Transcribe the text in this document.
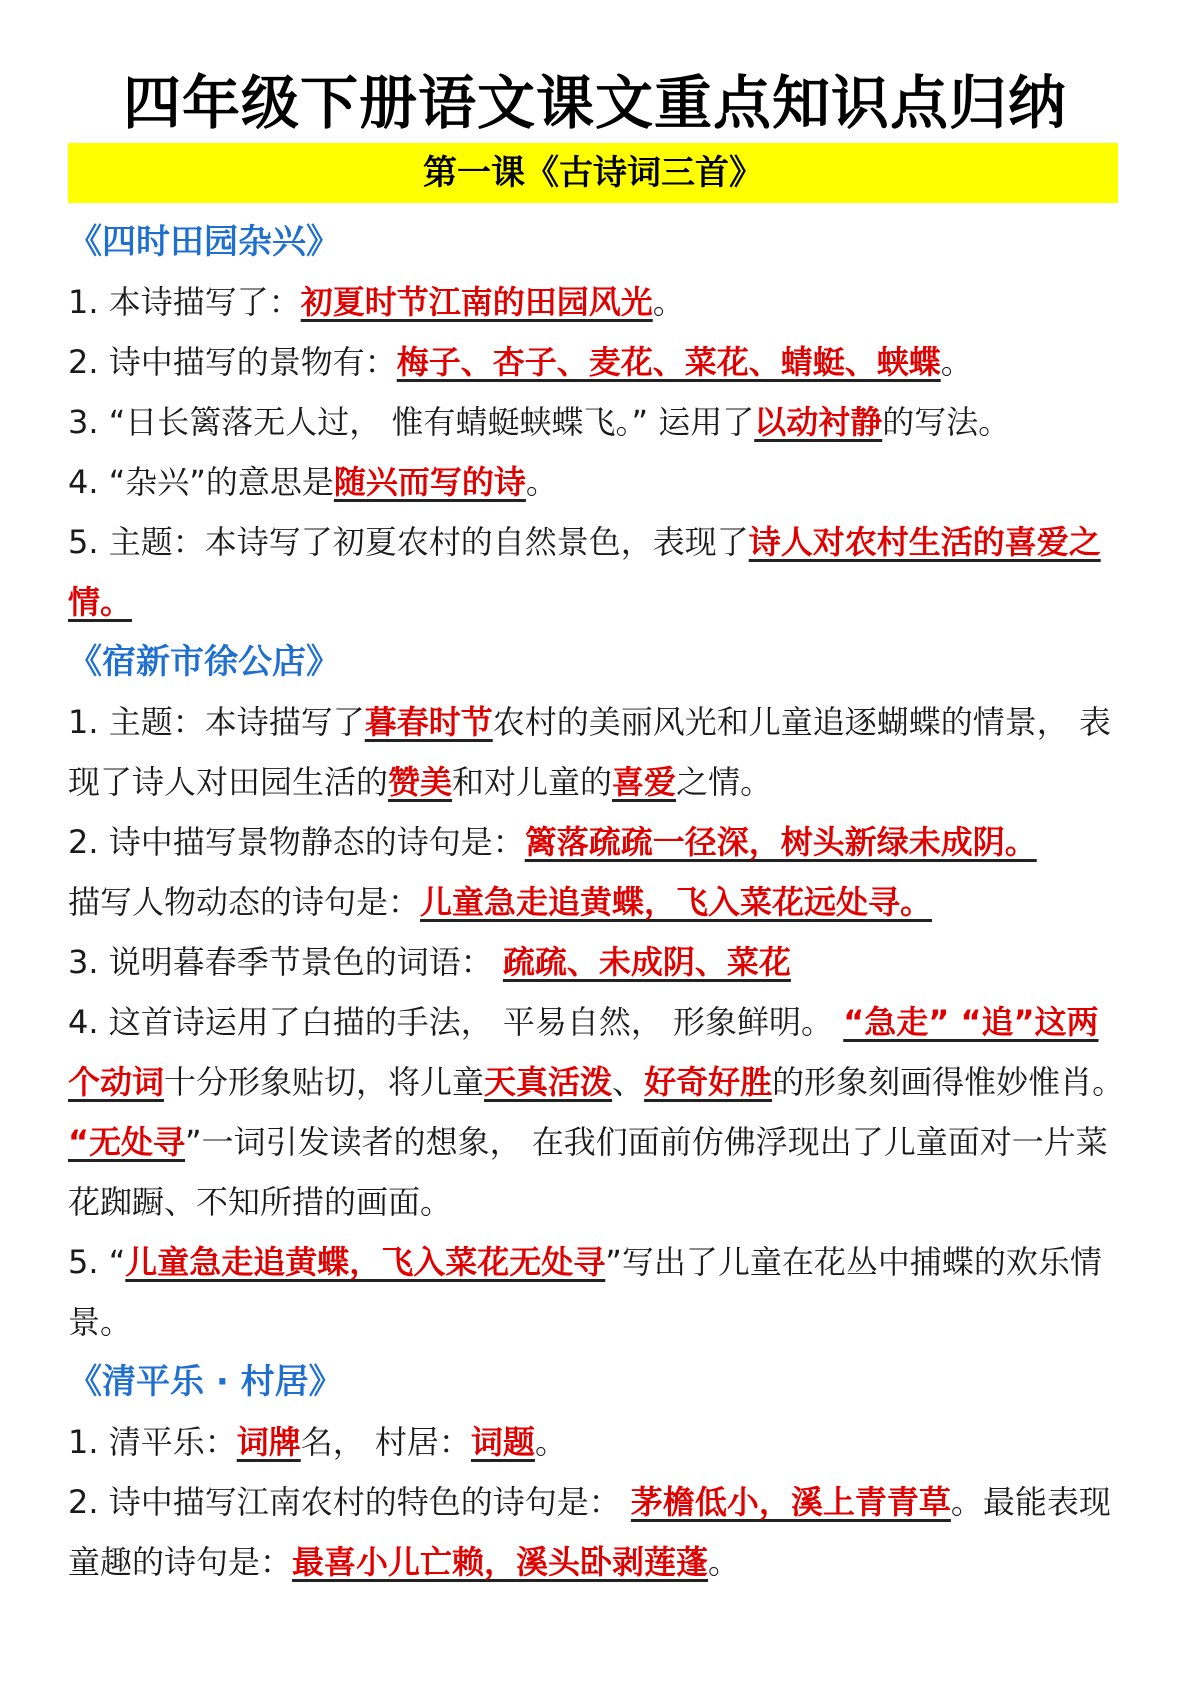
四年级下册语文课文重点知识点归纳
第一课《古诗词三首》
《四时田园杂兴》

1. 本诗描写了：初夏时节江南的田园风光。

2. 诗中描写的景物有：梅子、杏子、麦花、菜花、蜻蜓、蛱蝶。

3. “日长篱落无人过， 惟有蜻蜓蛱蝶飞。” 运用了以动衬静的写法。

4. “杂兴”的意思是随兴而写的诗。

5. 主题：本诗写了初夏农村的自然景色，表现了诗人对农村生活的喜爱之情。

《宿新市徐公店》

1. 主题：本诗描写了暮春时节农村的美丽风光和儿童追逐蝴蝶的情景， 表现了诗人对田园生活的赞美和对儿童的喜爱之情。

2. 诗中描写景物静态的诗句是：篱落疏疏一径深，树头新绿未成阴。

描写人物动态的诗句是：儿童急走追黄蝶，飞入菜花远处寻。

3. 说明暮春季节景色的词语： 疏疏、未成阴、菜花

4. 这首诗运用了白描的手法， 平易自然， 形象鲜明。 “急走” “追”这两个动词十分形象贴切，将儿童天真活泼、好奇好胜的形象刻画得惟妙惟肖。 “无处寻”一词引发读者的想象， 在我们面前仿佛浮现出了儿童面对一片菜花踟蹰、不知所措的画面。

5. “儿童急走追黄蝶，飞入菜花无处寻”写出了儿童在花丛中捕蝶的欢乐情景。

《清平乐 · 村居》

1. 清平乐：词牌名， 村居：词题。

2. 诗中描写江南农村的特色的诗句是： 茅檐低小，溪上青青草。最能表现童趣的诗句是：最喜小儿亡赖，溪头卧剥莲蓬。
